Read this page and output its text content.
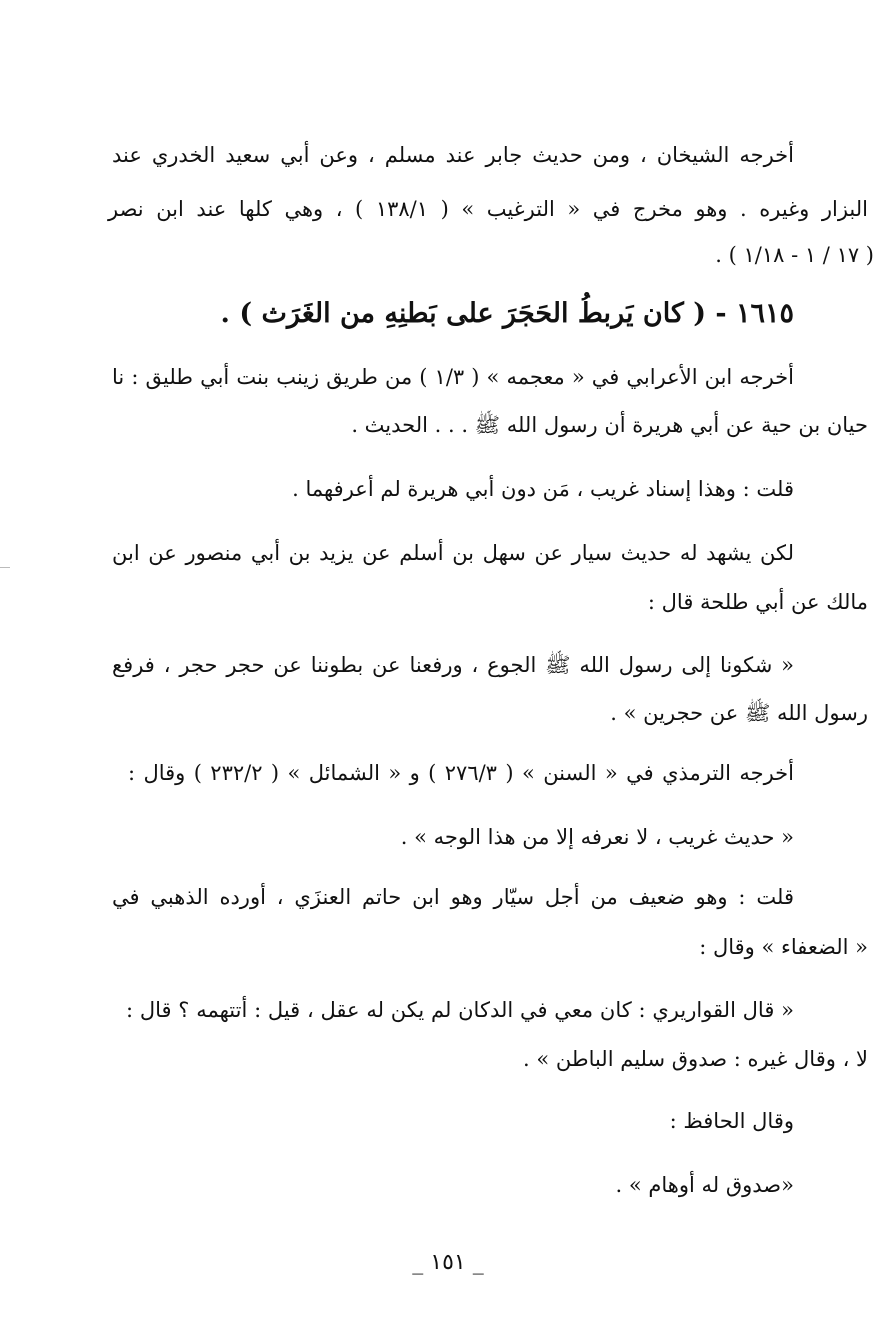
أخرجه الشيخان ، ومن حديث جابر عند مسلم ، وعن أبي سعيد الخدري عند
البزار وغيره . وهو مخرج في « الترغيب » ( ١٣٨/١ ) ، وهي كلها عند ابن نصر
( ١٧ / ١ - ١/١٨ ) .
١٦١٥ - ( كان يَربطُ الحَجَرَ على بَطنِهِ من الغَرَث ) .
أخرجه ابن الأعرابي في « معجمه » ( ١/٣ ) من طريق زينب بنت أبي طليق : نا
حيان بن حية عن أبي هريرة أن رسول الله ﷺ . . . الحديث .
قلت : وهذا إسناد غريب ، مَن دون أبي هريرة لم أعرفهما .
لكن يشهد له حديث سيار عن سهل بن أسلم عن يزيد بن أبي منصور عن ابن
مالك عن أبي طلحة قال :
« شكونا إلى رسول الله ﷺ الجوع ، ورفعنا عن بطوننا عن حجر حجر ، فرفع
رسول الله ﷺ عن حجرين » .
أخرجه الترمذي في « السنن » ( ٢٧٦/٣ ) و « الشمائل » ( ٢٣٢/٢ ) وقال :
« حديث غريب ، لا نعرفه إلا من هذا الوجه » .
قلت : وهو ضعيف من أجل سيّار وهو ابن حاتم العنزَي ، أورده الذهبي في
« الضعفاء » وقال :
« قال القواريري : كان معي في الدكان لم يكن له عقل ، قيل : أتتهمه ؟ قال :
لا ، وقال غيره : صدوق سليم الباطن » .
وقال الحافظ :
«صدوق له أوهام » .
_ ١٥١ _
